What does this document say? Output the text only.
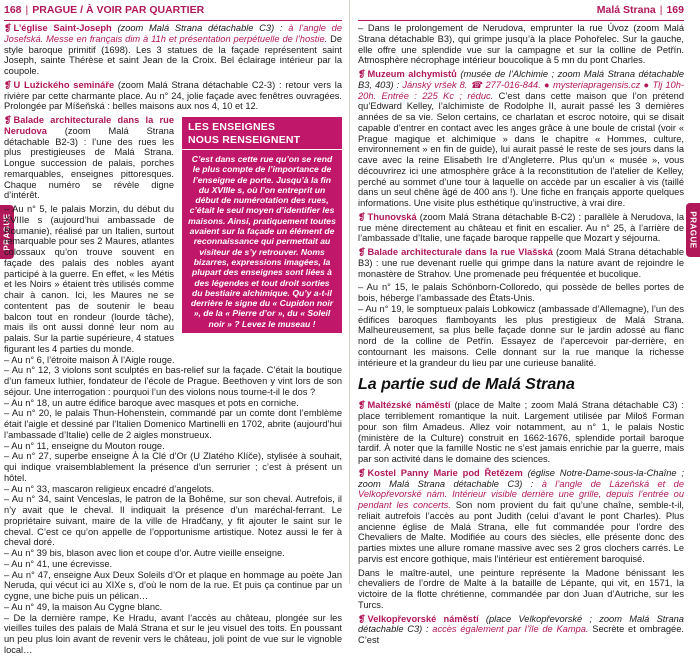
168 | PRAGUE / À VOIR PAR QUARTIER
PRAGUE

❡ L’église Saint-Joseph (zoom Malá Strana détachable C3) : à l’angle de Josefská. Messe en français dim à 11h et présentation perpétuelle de l’hostie. De style baroque primitif (1698). Les 3 statues de la façade représentent saint Joseph, sainte Thérèse et saint Jean de la Croix. Bel éclairage intérieur par la coupole.

❡ U Lužického semináře (zoom Malá Strana détachable C2-3) : retour vers la rivière par cette charmante place. Au n° 24, jolie façade avec fenêtres ouvragées. Prolongée par Míšeňská : belles maisons aux nos 4, 10 et 12.

LES ENSEIGNES
NOUS RENSEIGNENT
C’est dans cette rue qu’on se rend le plus compte de l’importance de l’enseigne de porte. Jusqu’à la fin du XVIIIe s, où l’on entreprit un début de numérotation des rues, c’était le seul moyen d’identifier les maisons. Ainsi, pratiquement toutes avaient sur la façade un élément de reconnaissance qui permettait au visiteur de s’y retrouver. Noms bizarres, expressions imagées, la plupart des enseignes sont liées à des légendes et tout droit sorties du bestiaire alchimique. Qu’y a-t-il derrière le signe du « Cupidon noir », de la « Pierre d’or », du « Soleil noir » ? Levez le museau !

❡ Balade architecturale dans la rue Nerudova (zoom Malá Strana détachable B2-3) : l’une des rues les plus prestigieuses de Malá Strana. Longue succession de palais, porches remarquables, enseignes pittoresques. Chaque numéro se révèle digne d’intérêt.

– Au n° 5, le palais Morzin, du début du XVIIIe s (aujourd’hui ambassade de Roumanie), réalisé par un Italien, surtout remarquable pour ses 2 Maures, atlantes colossaux qu’on trouve souvent en façade des palais des nobles ayant participé à la guerre. En effet, « les Métis et les Noirs » étaient très utilisés comme chair à canon. Ici, les Maures ne se contentent pas de soutenir le beau balcon tout en rondeur (lourde tâche), mais ils ont aussi donné leur nom au palais. Sur la partie supérieure, 4 statues figurant les 4 parties du monde.

– Au n° 6, l’étroite maison À l’Aigle rouge.

– Au n° 12, 3 violons sont sculptés en bas-relief sur la façade. C’était la boutique d’un fameux luthier, fondateur de l’école de Prague. Beethoven y vint lors de son séjour. Une interrogation : pourquoi l’un des violons nous tourne-t-il le dos ?

– Au n° 18, un autre édifice baroque avec masques et pots en corniche.

– Au n° 20, le palais Thun-Hohenstein, commandé par un comte dont l’emblème était l’aigle et dessiné par l’Italien Domenico Martinelli en 1702, abrite (aujourd’hui l’ambassade d’Italie) celle de 2 aigles monstrueux.

– Au n° 11, enseigne du Mouton rouge.

– Au n° 27, superbe enseigne À la Clé d’Or (U Zlatého Klíče), stylisée à souhait, qui indique vraisemblablement la présence d’un serrurier ; c’est à présent un hôtel.

– Au n° 33, mascaron religieux encadré d’angelots.

– Au n° 34, saint Venceslas, le patron de la Bohême, sur son cheval. Autrefois, il n’y avait que le cheval. Il indiquait la présence d’un maréchal-ferrant. Le propriétaire suivant, maire de la ville de Hradčany, y fit ajouter le saint sur le cheval. C’est ce qu’on appelle de l’opportunisme artistique. Notez aussi le fer à cheval doré.

– Au n° 39 bis, blason avec lion et coupe d’or. Autre vieille enseigne.

– Au n° 41, une écrevisse.

– Au n° 47, enseigne Aux Deux Soleils d’Or et plaque en hommage au poète Jan Neruda, qui vécut ici au XIXe s, d’où le nom de la rue. Et puis ça continue par un cygne, une biche puis un pélican…

– Au n° 49, la maison Au Cygne blanc.

– De la dernière rampe, Ke Hradu, avant l’accès au château, plongée sur les vieilles tuiles des palais de Malá Strana et sur le jeu visuel des toits. En poussant un peu plus loin avant de revenir vers le château, joli point de vue sur le vignoble local…

Malá Strana | 169
PRAGUE

– Dans le prolongement de Nerudova, emprunter la rue Úvoz (zoom Malá Strana détachable B3), qui grimpe jusqu’à la place Pohořelec. Sur la gauche, elle offre une splendide vue sur la campagne et sur la colline de Petřín. Atmosphère nécrophage intérieur boucolique à 5 mn du pont Charles.

❡ Muzeum alchymistů (musée de l’Alchimie ; zoom Malá Strana détachable B3, 403) : Jánský vršek 8. ☎ 277-016-844. ● mysteriapragensis.cz ● Tlj 10h-20h. Entrée : 225 Kc ; réduc. C’est dans cette maison que l’on prétend qu’Edward Kelley, l’alchimiste de Rodolphe II, aurait passé les 3 dernières années de sa vie. Selon certains, ce charlatan et escroc notoire, qui se disait capable d’entrer en contact avec les anges grâce à une boule de cristal (voir « Prague magique et alchimique » dans le chapitre « Hommes, culture, environnement » en fin de guide), lui aurait passé le reste de ses jours dans la cave avec la reine Elisabeth Ire d’Angleterre. Plus qu’un « musée », vous découvrirez ici une atmosphère grâce à la reconstitution de l’atelier de Kelley, perché au sommet d’une tour à laquelle on accède par un escalier à vis (taillé dans un seul chêne âgé de 400 ans !). Une fiche en français apporte quelques informations. Une visite plus esthétique qu’instructive, à vrai dire.

❡ Thunovská (zoom Malá Strana détachable B-C2) : parallèle à Nerudova, la rue mène directement au château et finit en escalier. Au n° 25, à l’arrière de l’ambassade d’Italie, une façade baroque rappelle que Mozart y séjourna.

❡ Balade architecturale dans la rue Vlašská (zoom Malá Strana détachable B3) : une rue devenant ruelle qui grimpe dans la nature avant de rejoindre le monastère de Strahov. Une promenade peu fréquentée et bucolique.

– Au n° 15, le palais Schönborn-Colloredo, qui possède de belles portes de bois, héberge l’ambassade des États-Unis.

– Au n° 19, le somptueux palais Lobkowicz (ambassade d’Allemagne), l’un des édifices baroques flamboyants les plus prestigieux de Malá Strana. Malheureusement, sa plus belle façade donne sur le jardin adossé au flanc nord de la colline de Petřín. Essayez de l’apercevoir par-derrière, en contournant les maisons. Celle donnant sur la rue manque la richesse intérieure et la grandeur du lieu par une curieuse banalité.

La partie sud de Malá Strana

❡ Maltézské náměstí (place de Malte ; zoom Malá Strana détachable C3) : place terriblement romantique la nuit. Largement utilisée par Miloš Forman pour son film Amadeus. Allez voir notamment, au n° 1, le palais Nostic (ministère de la Culture) construit en 1662-1676, splendide portail baroque tardif. À noter que la famille Nostic ne s’est jamais enrichie par la guerre, mais par son activité dans le domaine des sciences.

❡ Kostel Panny Marie pod Řetězem (église Notre-Dame-sous-la-Chaîne ; zoom Malá Strana détachable C3) : à l’angle de Lázeňská et de Velkopřevorské nám. Intérieur visible derrière une grille, depuis l’entrée ou pendant les concerts. Son nom provient du fait qu’une chaîne, semble-t-il, reliait autrefois l’accès au pont Judith (celui d’avant le pont Charles). Plus ancienne église de Malá Strana, elle fut commandée pour l’ordre des Chevaliers de Malte. Modifiée au cours des siècles, elle présente donc des parties mixtes une allure romane massive avec ses 2 gros clochers carrés. Le parvis est encore gothique, mais l’intérieur est entièrement baroquisé.

Dans le maître-autel, une peinture représente la Madone bénissant les chevaliers de l’ordre de Malte à la bataille de Lépante, qui vit, en 1571, la victoire de la flotte chrétienne, commandée par don Juan d’Autriche, sur les Turcs.

❡ Velkopřevorské náměstí (place Velkopřevorské ; zoom Malá Strana détachable C3) : accès également par l’île de Kampa. Secrète et ombragée. C’est
